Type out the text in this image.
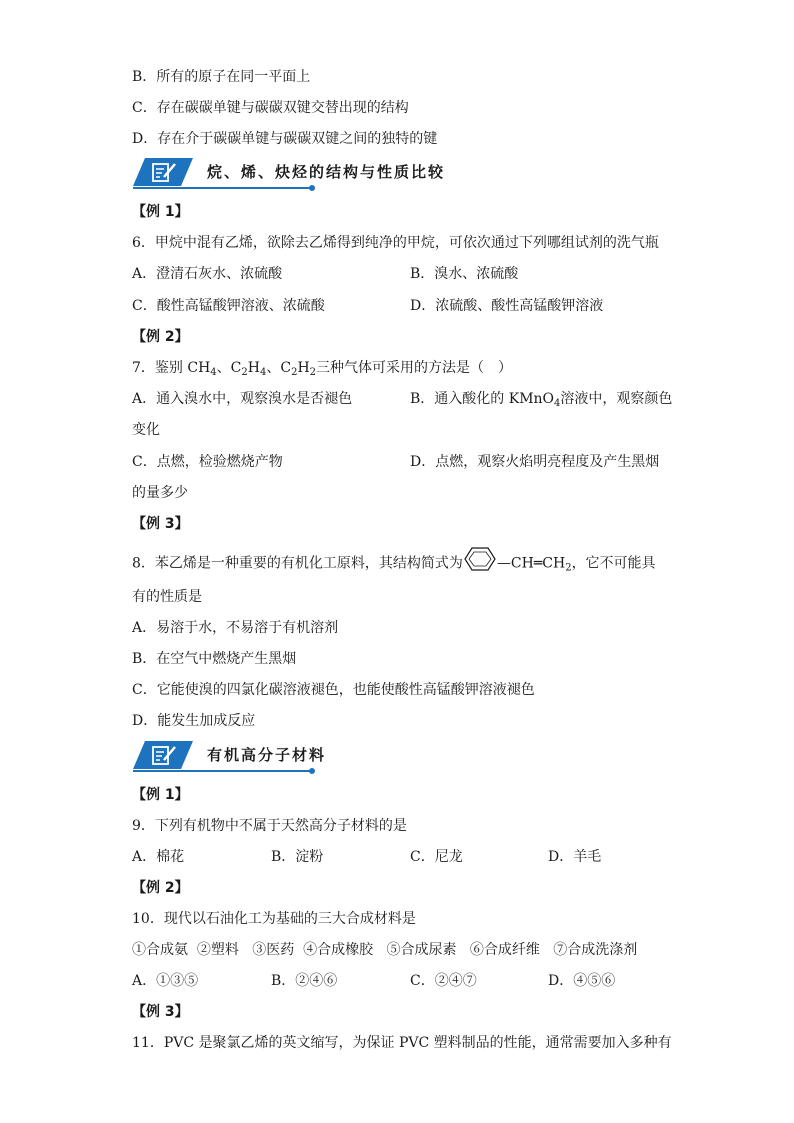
B．所有的原子在同一平面上
C．存在碳碳单键与碳碳双键交替出现的结构
D．存在介于碳碳单键与碳碳双键之间的独特的键
烷、烯、炔烃的结构与性质比较
【例 1】
6．甲烷中混有乙烯，欲除去乙烯得到纯净的甲烷，可依次通过下列哪组试剂的洗气瓶
A．澄清石灰水、浓硫酸	B．溴水、浓硫酸
C．酸性高锰酸钾溶液、浓硫酸	D．浓硫酸、酸性高锰酸钾溶液
【例 2】
7．鉴别 $CH_4$、$C_2H_4$、$C_2H_2$三种气体可采用的方法是（　）
A．通入溴水中，观察溴水是否褪色	B．通入酸化的 KMnO$_4$溶液中，观察颜色
变化
C．点燃，检验燃烧产物	D．点燃，观察火焰明亮程度及产生黑烟
的量多少
【例 3】
8．苯乙烯是一种重要的有机化工原料，其结构简式为 $—CH═CH_2$，它不可能具
有的性质是
A．易溶于水，不易溶于有机溶剂
B．在空气中燃烧产生黑烟
C．它能使溴的四氯化碳溶液褪色，也能使酸性高锰酸钾溶液褪色
D．能发生加成反应
有机高分子材料
【例 1】
9．下列有机物中不属于天然高分子材料的是
A．棉花	B．淀粉	C．尼龙	D．羊毛
【例 2】
10．现代以石油化工为基础的三大合成材料是
①合成氨  ②塑料   ③医药  ④合成橡胶   ⑤合成尿素   ⑥合成纤维   ⑦合成洗涤剂
A．①③⑤	B．②④⑥	C．②④⑦	D．④⑤⑥
【例 3】
11．PVC 是聚氯乙烯的英文缩写，为保证 PVC 塑料制品的性能，通常需要加入多种有
